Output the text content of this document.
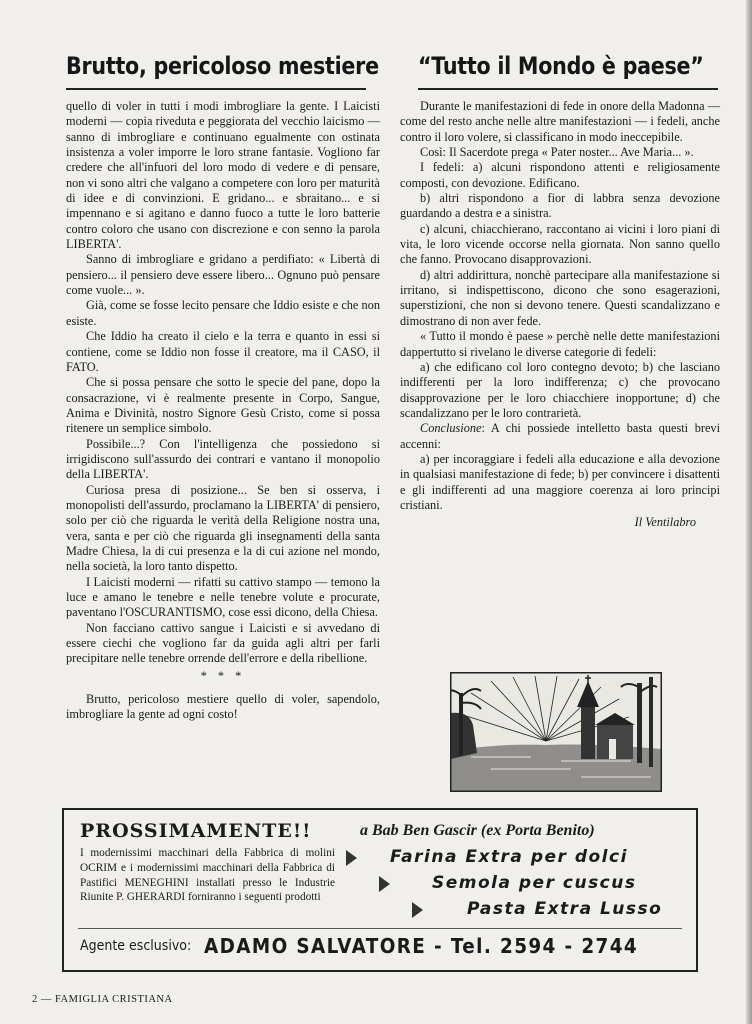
Brutto, pericoloso mestiere “Tutto il Mondo è paese”

quello di voler in tutti i modi imbrogliare la gente. I Laicisti moderni — copia riveduta e peggiorata del vecchio laicismo — sanno di imbrogliare e continuano egualmente con ostinata insistenza a voler imporre le loro strane fantasie. Vogliono far credere che all'infuori del loro modo di vedere e di pensare, non vi sono altri che valgano a competere con loro per maturità di idee e di convinzioni. E gridano... e sbraitano... e si impennano e si agitano e danno fuoco a tutte le loro batterie contro coloro che usano con discrezione e con senno la parola LIBERTA'.

Sanno di imbrogliare e gridano a perdifiato: « Libertà di pensiero... il pensiero deve essere libero... Ognuno può pensare come vuole... ».

Già, come se fosse lecito pensare che Iddio esiste e che non esiste.

Che Iddio ha creato il cielo e la terra e quanto in essi si contiene, come se Iddio non fosse il creatore, ma il CASO, il FATO.

Che si possa pensare che sotto le specie del pane, dopo la consacrazione, vi è realmente presente in Corpo, Sangue, Anima e Divinità, nostro Signore Gesù Cristo, come si possa ritenere un semplice simbolo.

Possibile...? Con l'intelligenza che possiedono si irrigidiscono sull'assurdo dei contrari e vantano il monopolio della LIBERTA'.

Curiosa presa di posizione... Se ben si osserva, i monopolisti dell'assurdo, proclamano la LIBERTA' di pensiero, solo per ciò che riguarda le verità della Religione nostra una, vera, santa e per ciò che riguarda gli insegnamenti della santa Madre Chiesa, la di cui presenza e la di cui azione nel mondo, nella società, la loro tanto dispetto.

I Laicisti moderni — rifatti su cattivo stampo — temono la luce e amano le tenebre e nelle tenebre volute e procurate, paventano l'OSCURANTISMO, cose essi dicono, della Chiesa.

Non facciano cattivo sangue i Laicisti e si avvedano di essere ciechi che vogliono far da guida agli altri per farli precipitare nelle tenebre orrende dell'errore e della ribellione.

* * *

Brutto, pericoloso mestiere quello di voler, sapendolo, imbrogliare la gente ad ogni costo!

Durante le manifestazioni di fede in onore della Madonna — come del resto anche nelle altre manifestazioni — i fedeli, anche contro il loro volere, si classificano in modo ineccepibile.

Così: Il Sacerdote prega « Pater noster... Ave Maria... ».

I fedeli: a) alcuni rispondono attenti e religiosamente composti, con devozione. Edificano.

b) altri rispondono a fior di labbra senza devozione guardando a destra e a sinistra.

c) alcuni, chiacchierano, raccontano ai vicini i loro piani di vita, le loro vicende occorse nella giornata. Non sanno quello che fanno. Provocano disapprovazioni.

d) altri addirittura, nonchè partecipare alla manifestazione si irritano, si indispettiscono, dicono che sono esagerazioni, superstizioni, che non si devono tenere. Questi scandalizzano e dimostrano di non aver fede.

« Tutto il mondo è paese » perchè nelle dette manifestazioni dappertutto si rivelano le diverse categorie di fedeli:

a) che edificano col loro contegno devoto; b) che lasciano indifferenti per la loro indifferenza; c) che provocano disapprovazione per le loro chiacchiere inopportune; d) che scandalizzano per le loro contrarietà.

Conclusione: A chi possiede intelletto basta questi brevi accenni:

a) per incoraggiare i fedeli alla educazione e alla devozione in qualsiasi manifestazione di fede; b) per convincere i disattenti e gli indifferenti ad una maggiore coerenza ai loro principi cristiani.

Il Ventilabro

PROSSIMAMENTE!!	a Bab Ben Gascir (ex Porta Benito)
I modernissimi macchinari della Fabbrica di molini OCRIM e i modernissimi macchinari della Fabbrica di Pastifici MENEGHINI installati presso le Industrie Riunite P. GHERARDI forniranno i seguenti prodotti
Farina Extra per dolci
Semola per cuscus
Pasta Extra Lusso
Agente esclusivo: ADAMO SALVATORE - Tel. 2594 - 2744
2 — FAMIGLIA CRISTIANA
